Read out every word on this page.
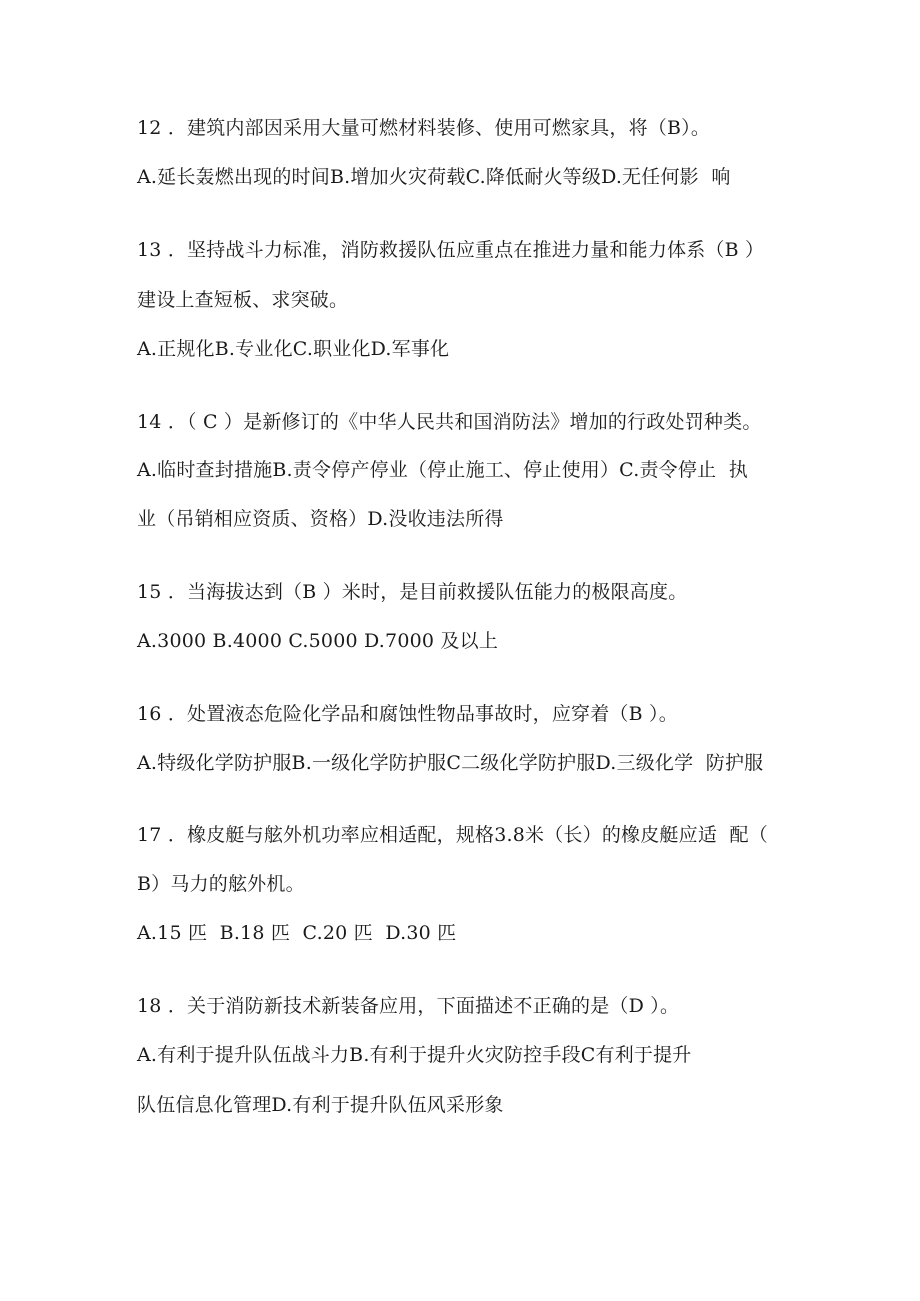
12 ．建筑内部因采用大量可燃材料装修、使用可燃家具，将（B）。
A.延长轰燃出现的时间B.增加火灾荷载C.降低耐火等级D.无任何影  响
13 ．坚持战斗力标准，消防救援队伍应重点在推进力量和能力体系（B ）
建设上查短板、求突破。
A.正规化B.专业化C.职业化D.军事化
14 ．（ C ）是新修订的《中华人民共和国消防法》增加的行政处罚种类。
A.临时查封措施B.责令停产停业（停止施工、停止使用）C.责令停止  执
业（吊销相应资质、资格）D.没收违法所得
15 ．当海拔达到（B ）米时，是目前救援队伍能力的极限高度。
A.3000 B.4000 C.5000 D.7000 及以上
16 ．处置液态危险化学品和腐蚀性物品事故时，应穿着（B ）。
A.特级化学防护服B.一级化学防护服C二级化学防护服D.三级化学  防护服
17 ．橡皮艇与舷外机功率应相适配，规格3.8米（长）的橡皮艇应适  配（
B）马力的舷外机。
A.15 匹  B.18 匹  C.20 匹  D.30 匹
18 ．关于消防新技术新装备应用，下面描述不正确的是（D ）。
A.有利于提升队伍战斗力B.有利于提升火灾防控手段C有利于提升
队伍信息化管理D.有利于提升队伍风采形象
